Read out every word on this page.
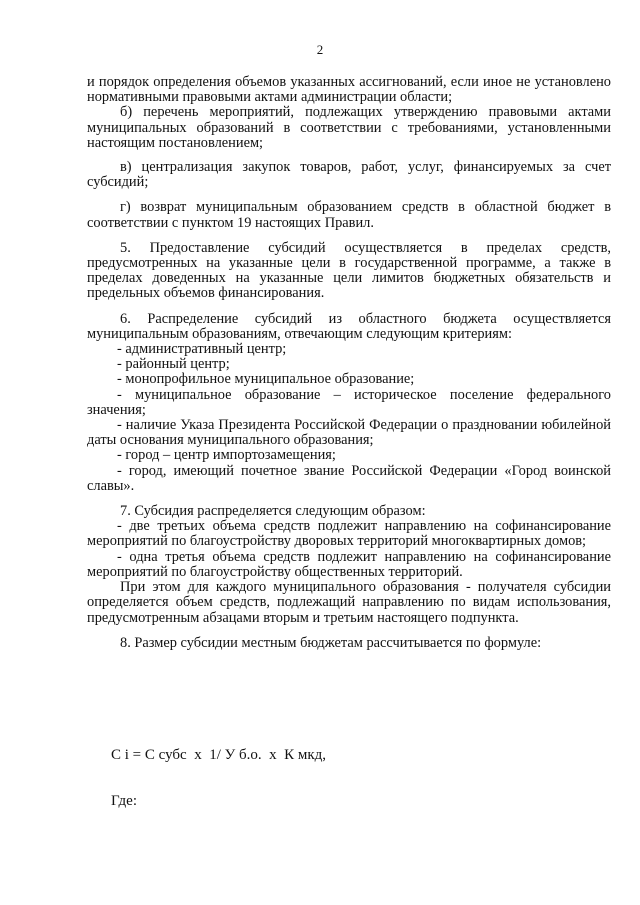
2

и порядок определения объемов указанных ассигнований, если иное не установлено нормативными правовыми актами администрации области;

б) перечень мероприятий, подлежащих утверждению правовыми актами муниципальных образований в соответствии с требованиями, установленными настоящим постановлением;

в) централизация закупок товаров, работ, услуг, финансируемых за счет субсидий;

г) возврат муниципальным образованием средств в областной бюджет в соответствии с пунктом 19 настоящих Правил.

5. Предоставление субсидий осуществляется в пределах средств, предусмотренных на указанные цели в государственной программе, а также в пределах доведенных на указанные цели лимитов бюджетных обязательств и предельных объемов финансирования.

6. Распределение субсидий из областного бюджета осуществляется муниципальным образованиям, отвечающим следующим критериям:

- административный центр;

- районный центр;

- монопрофильное муниципальное образование;

- муниципальное образование – историческое поселение федерального значения;

- наличие Указа Президента Российской Федерации о праздновании юбилейной даты основания муниципального образования;

- город – центр импортозамещения;

- город, имеющий почетное звание Российской Федерации «Город воинской славы».

7. Субсидия распределяется следующим образом:

- две третьих объема средств подлежит направлению на софинансирование мероприятий по благоустройству дворовых территорий многоквартирных домов;

- одна третья объема средств подлежит направлению на софинансирование мероприятий по благоустройству общественных территорий.

При этом для каждого муниципального образования - получателя субсидии определяется объем средств, подлежащий направлению по видам использования, предусмотренным абзацами вторым и третьим настоящего подпункта.

8. Размер субсидии местным бюджетам рассчитывается по формуле:

C i = C субс  х  1/ У б.о.  х  К мкд,
Где:
